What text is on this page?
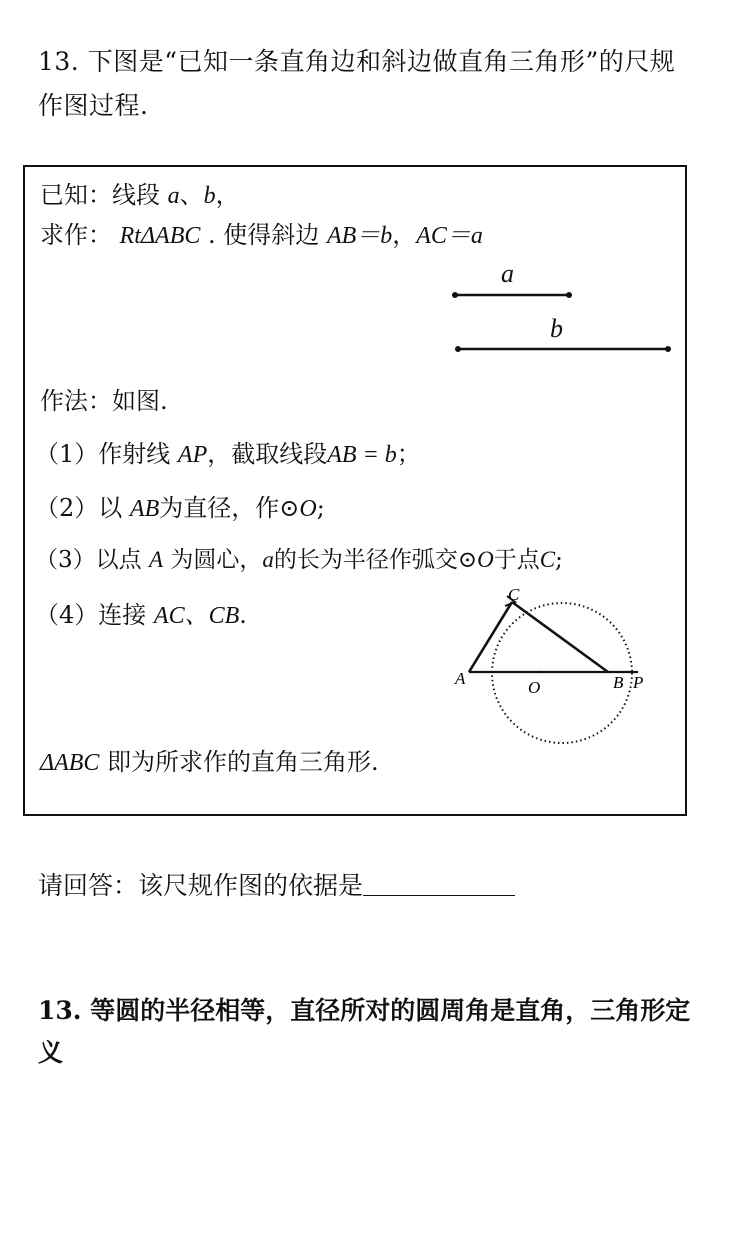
13. 下图是“已知一条直角边和斜边做直角三角形”的尺规作图过程.
已知：线段 a、b，
求作： RtΔABC . 使得斜边 AB＝b，AC＝a
a
b
作法：如图.
（1）作射线 AP，截取线段AB = b；
（2）以 AB为直径，作⊙O;
（3）以点 A 为圆心，a的长为半径作弧交⊙O于点C;
（4）连接 AC、CB.
A	O	B P
C
ΔABC 即为所求作的直角三角形.
请回答：该尺规作图的依据是
13. 等圆的半径相等，直径所对的圆周角是直角，三角形定义
